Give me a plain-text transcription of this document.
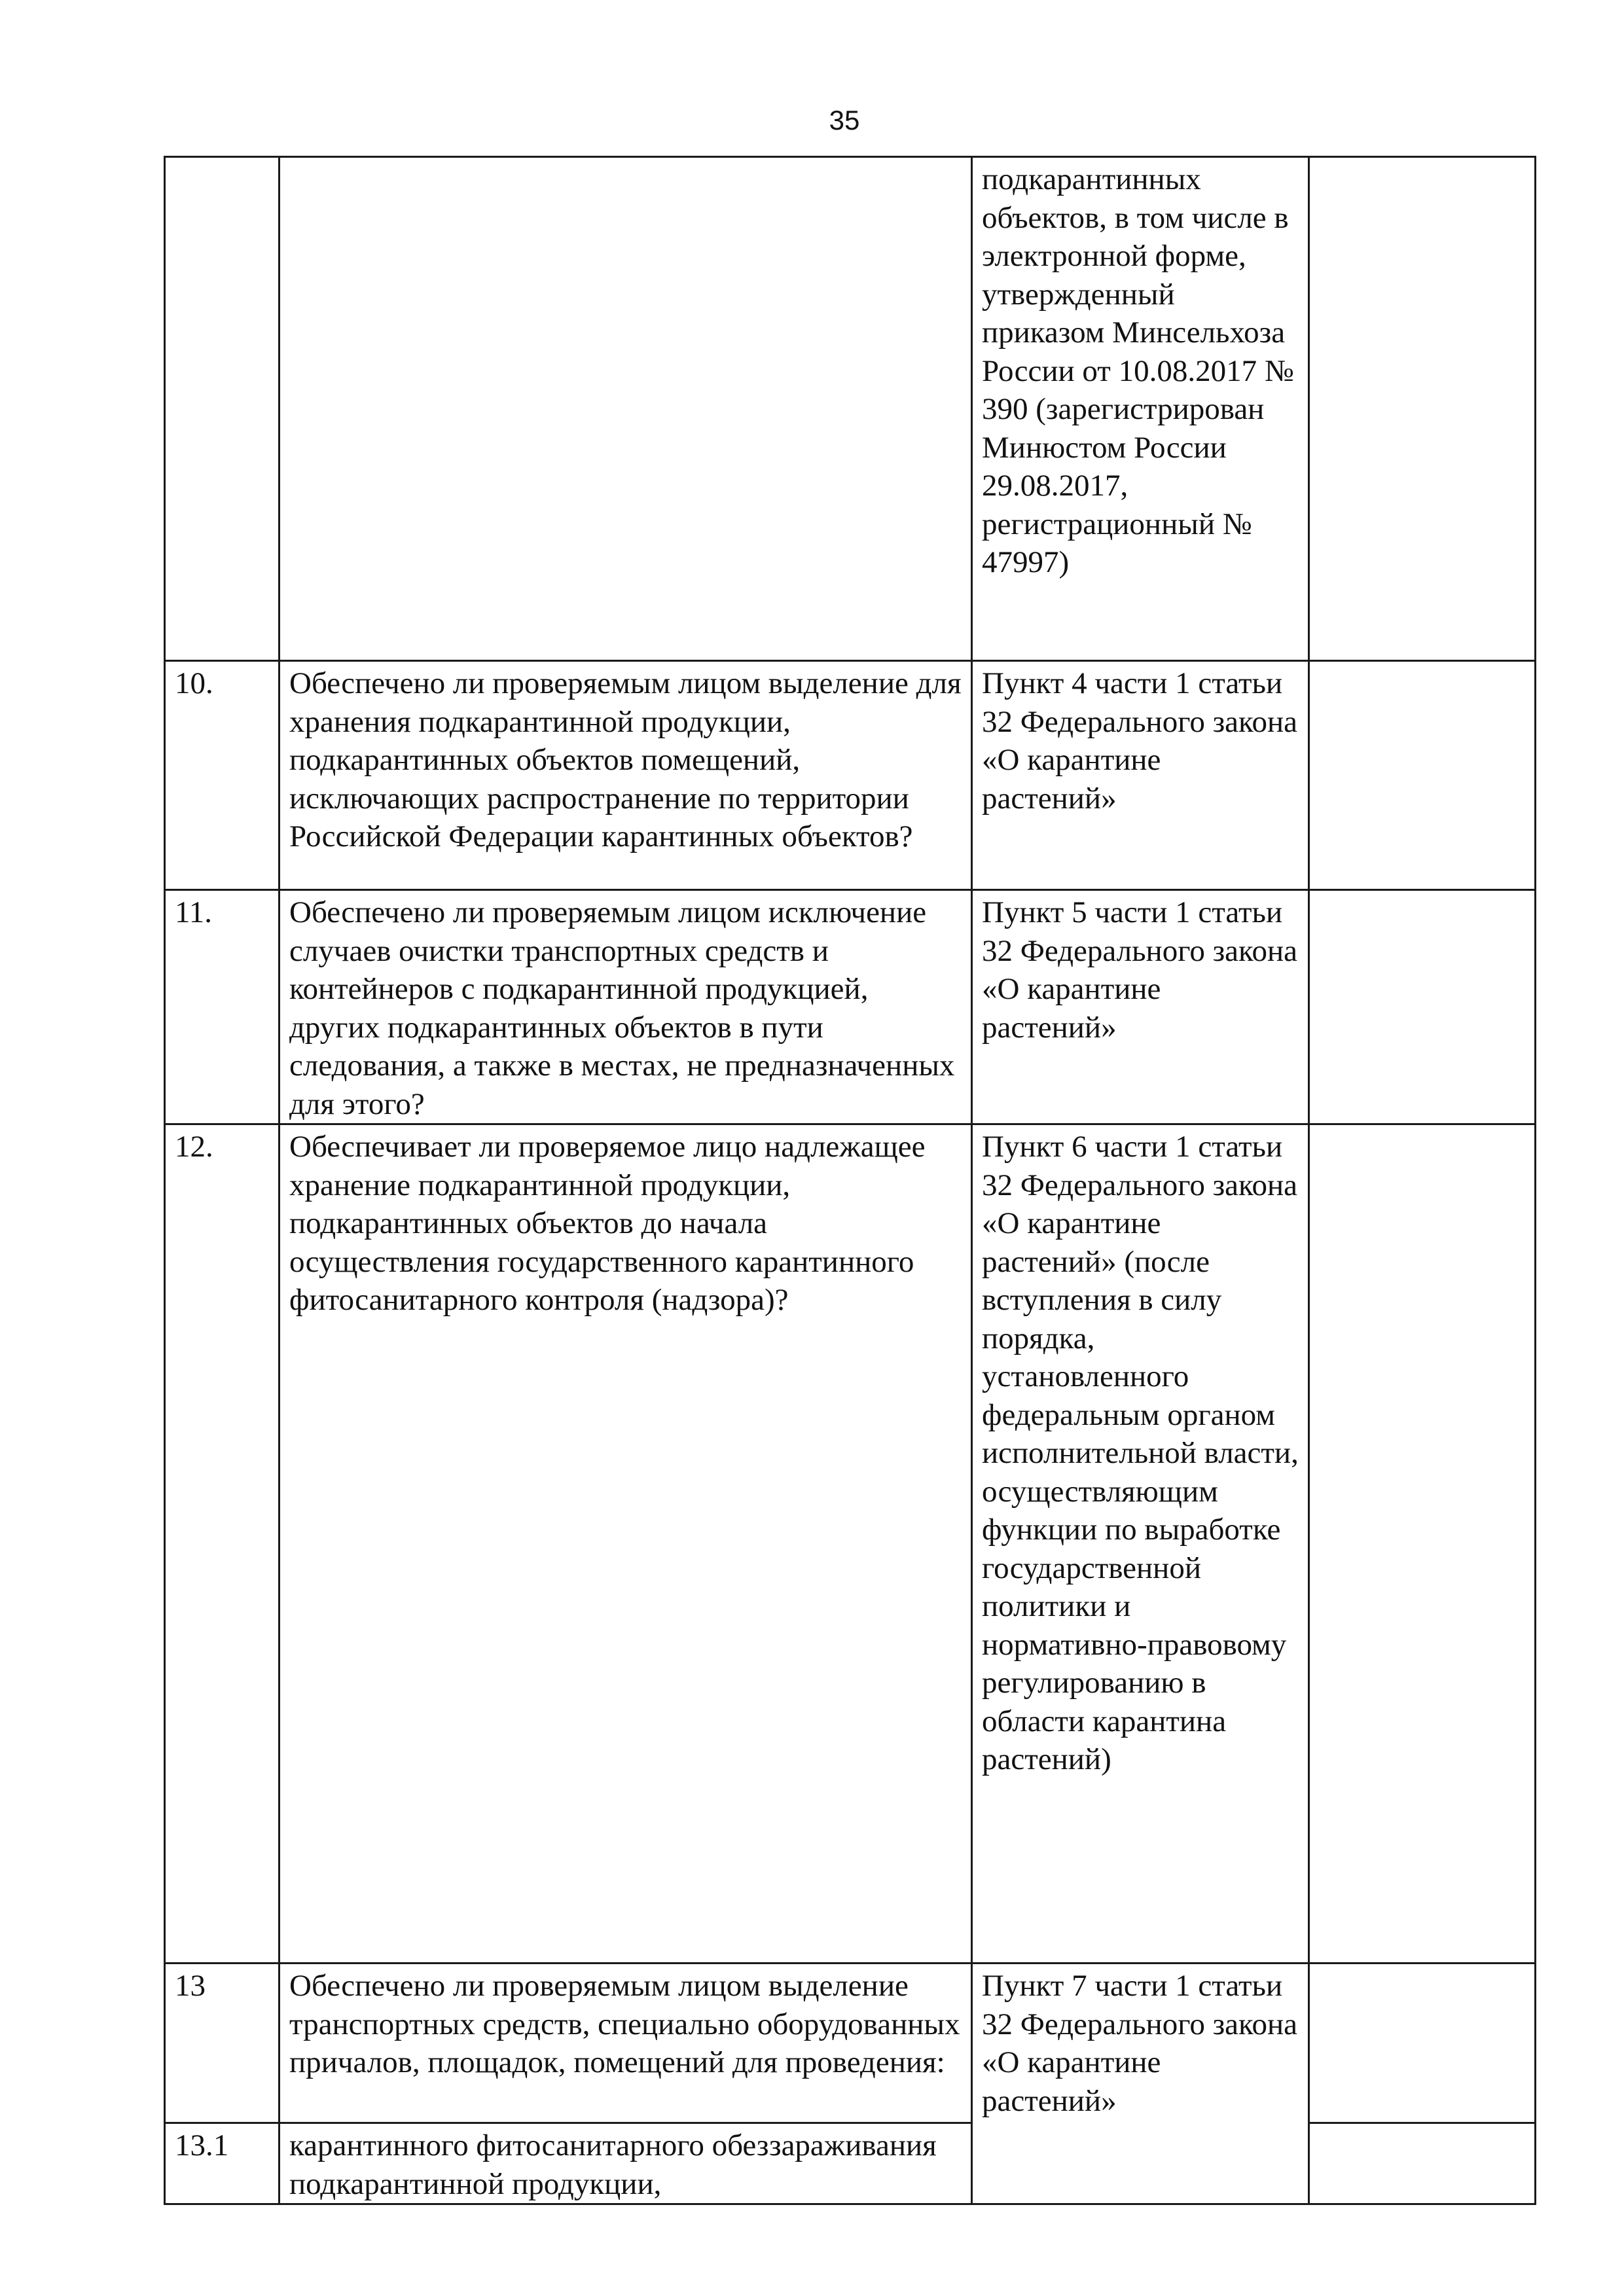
35
		подкарантинных объектов, в том числе в электронной форме, утвержденный приказом Минсельхоза России от 10.08.2017 № 390 (зарегистрирован Минюстом России 29.08.2017, регистрационный № 47997)	
10.	Обеспечено ли проверяемым лицом выделение для хранения подкарантинной продукции, подкарантинных объектов помещений, исключающих распространение по территории Российской Федерации карантинных объектов?	Пункт 4 части 1 статьи 32 Федерального закона «О карантине растений»	
11.	Обеспечено ли проверяемым лицом исключение случаев очистки транспортных средств и контейнеров с подкарантинной продукцией, других подкарантинных объектов в пути следования, а также в местах, не предназначенных для этого?	Пункт 5 части 1 статьи 32 Федерального закона «О карантине растений»	
12.	Обеспечивает ли проверяемое лицо надлежащее хранение подкарантинной продукции, подкарантинных объектов до начала осуществления государственного карантинного фитосанитарного контроля (надзора)?	Пункт 6 части 1 статьи 32 Федерального закона «О карантине растений» (после вступления в силу порядка, установленного федеральным органом исполнительной власти, осуществляющим функции по выработке государственной политики и нормативно-правовому регулированию в области карантина растений)	
13	Обеспечено ли проверяемым лицом выделение транспортных средств, специально оборудованных причалов, площадок, помещений для проведения:	Пункт 7 части 1 статьи 32 Федерального закона «О карантине растений»	
13.1	карантинного фитосанитарного обеззараживания подкарантинной продукции,		
